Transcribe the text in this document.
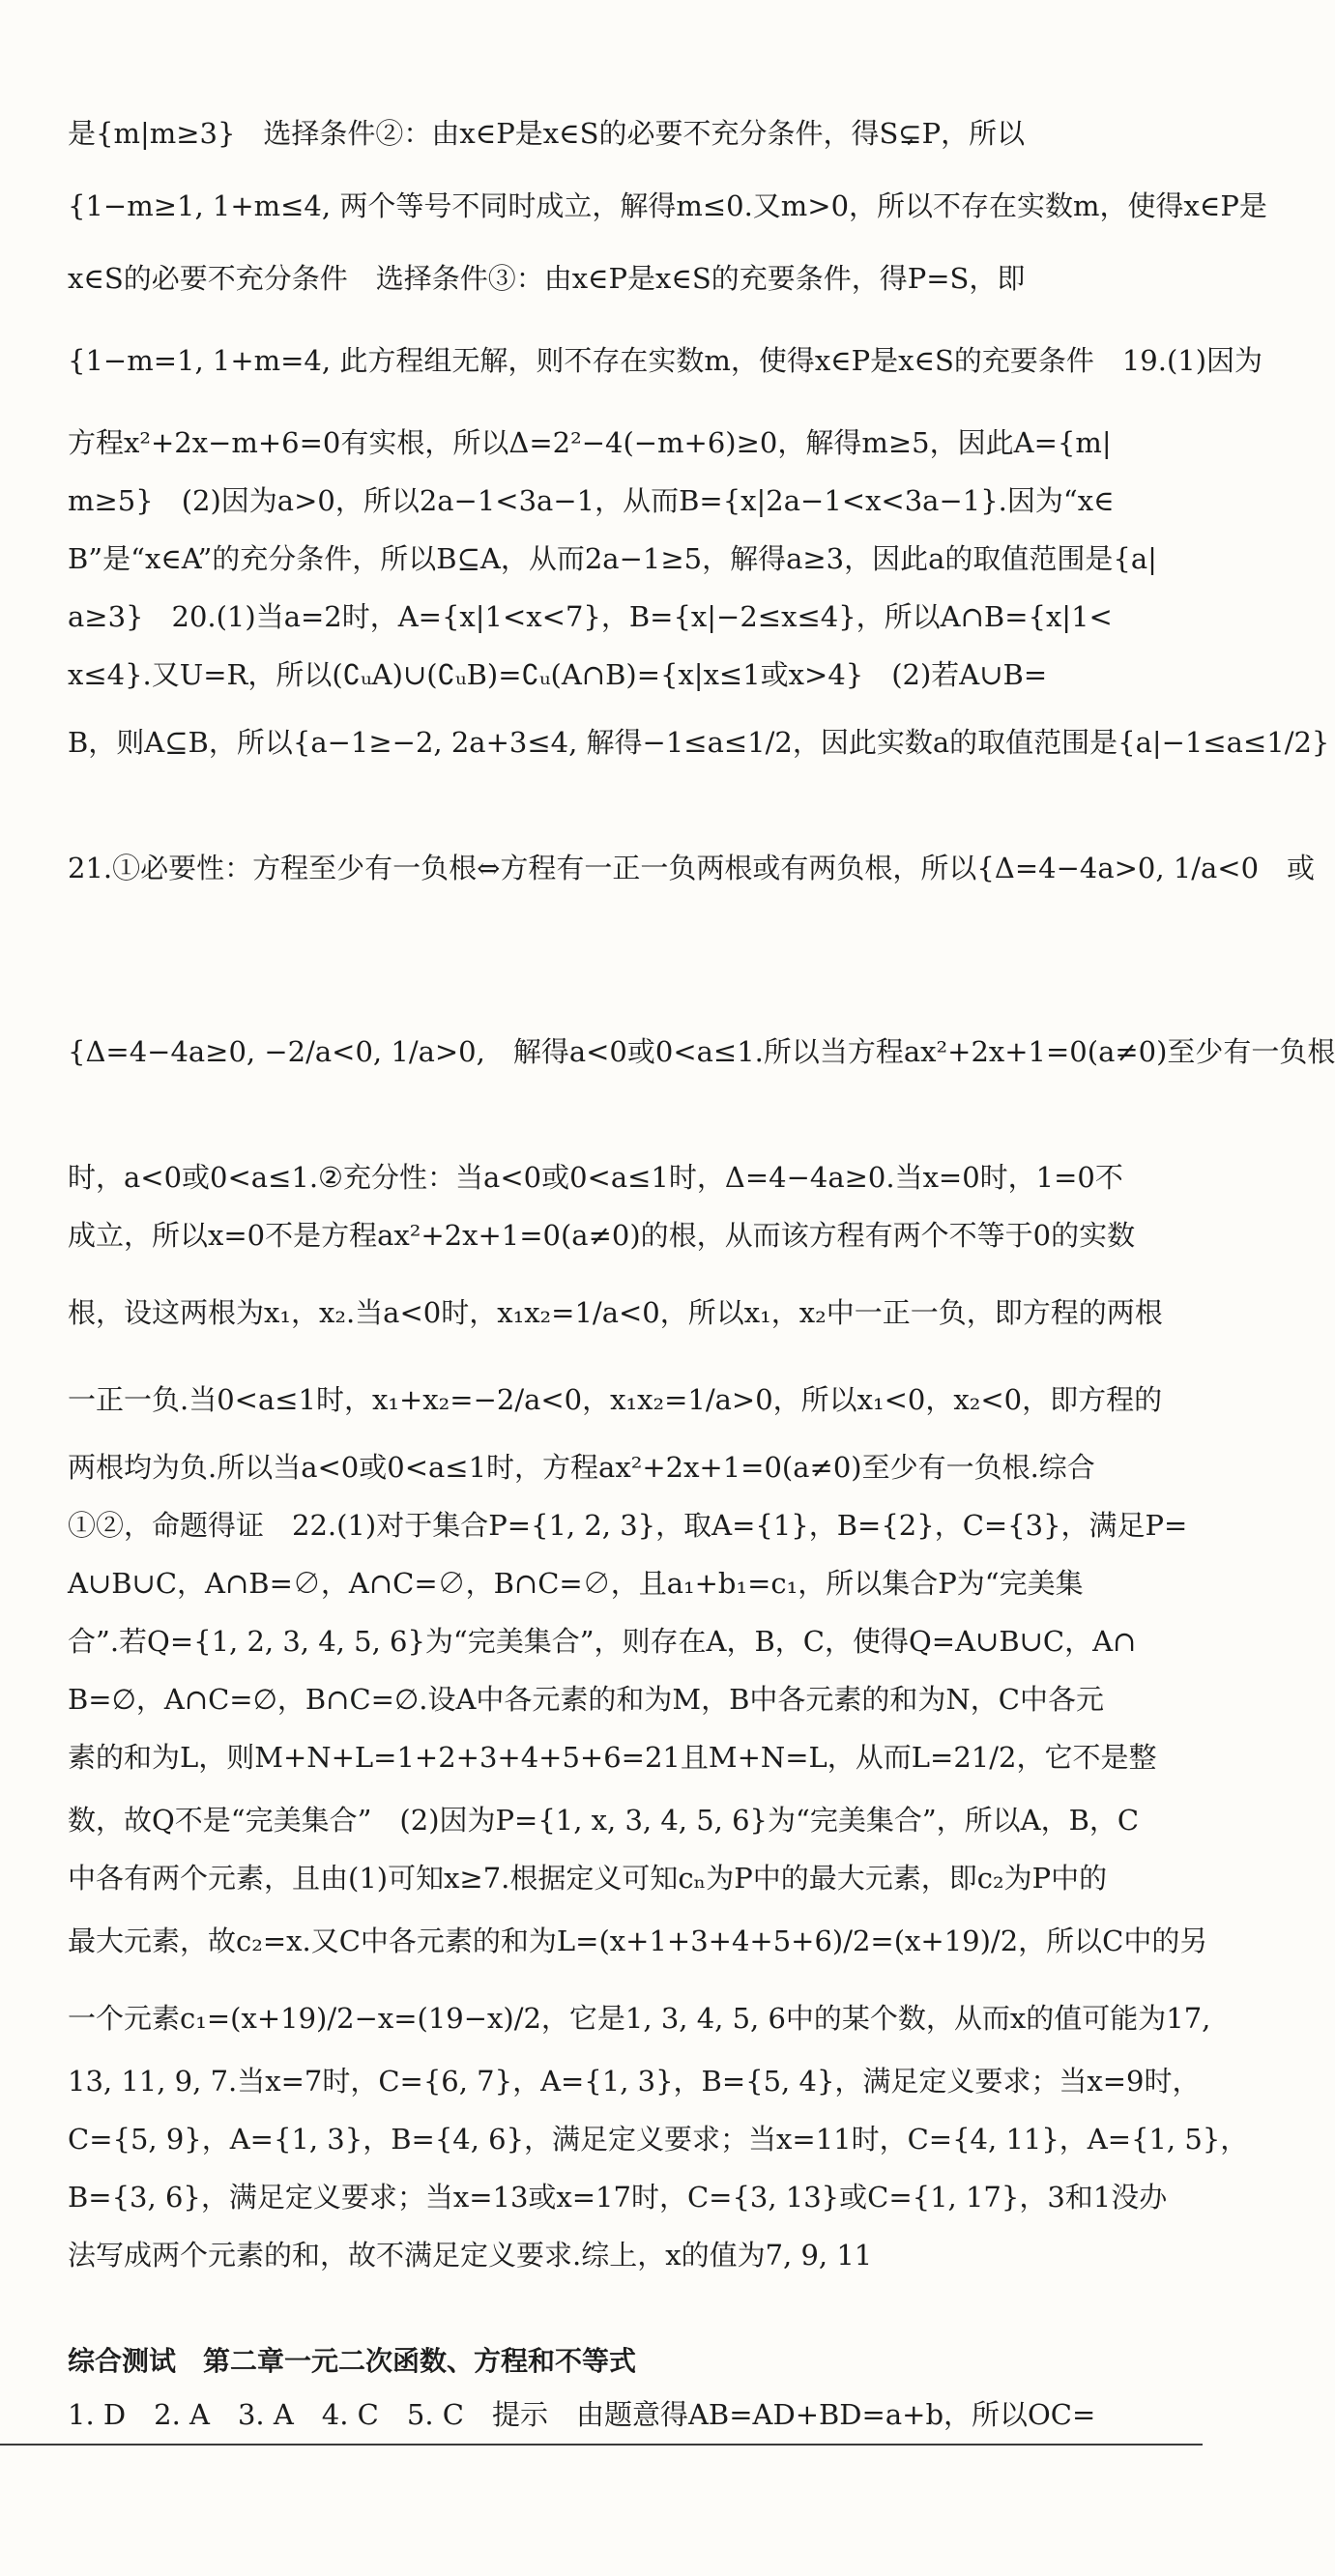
是{m|m≥3}　选择条件②：由x∈P是x∈S的必要不充分条件，得S⊊P，所以
{1−m≥1, 1+m≤4, 两个等号不同时成立，解得m≤0.又m>0，所以不存在实数m，使得x∈P是
x∈S的必要不充分条件　选择条件③：由x∈P是x∈S的充要条件，得P=S，即
{1−m=1, 1+m=4, 此方程组无解，则不存在实数m，使得x∈P是x∈S的充要条件　19.(1)因为
方程x²+2x−m+6=0有实根，所以Δ=2²−4(−m+6)≥0，解得m≥5，因此A={m|
m≥5}　(2)因为a>0，所以2a−1<3a−1，从而B={x|2a−1<x<3a−1}.因为“x∈
B”是“x∈A”的充分条件，所以B⊆A，从而2a−1≥5，解得a≥3，因此a的取值范围是{a|
a≥3}　20.(1)当a=2时，A={x|1<x<7}，B={x|−2≤x≤4}，所以A∩B={x|1<
x≤4}.又U=R，所以(∁ᵤA)∪(∁ᵤB)=∁ᵤ(A∩B)={x|x≤1或x>4}　(2)若A∪B=
B，则A⊆B，所以{a−1≥−2, 2a+3≤4, 解得−1≤a≤1/2，因此实数a的取值范围是{a|−1≤a≤1/2}
21.①必要性：方程至少有一负根⇔方程有一正一负两根或有两负根，所以{Δ=4−4a>0, 1/a<0　或
{Δ=4−4a≥0, −2/a<0, 1/a>0,　解得a<0或0<a≤1.所以当方程ax²+2x+1=0(a≠0)至少有一负根
时，a<0或0<a≤1.②充分性：当a<0或0<a≤1时，Δ=4−4a≥0.当x=0时，1=0不
成立，所以x=0不是方程ax²+2x+1=0(a≠0)的根，从而该方程有两个不等于0的实数
根，设这两根为x₁，x₂.当a<0时，x₁x₂=1/a<0，所以x₁，x₂中一正一负，即方程的两根
一正一负.当0<a≤1时，x₁+x₂=−2/a<0，x₁x₂=1/a>0，所以x₁<0，x₂<0，即方程的
两根均为负.所以当a<0或0<a≤1时，方程ax²+2x+1=0(a≠0)至少有一负根.综合
①②，命题得证　22.(1)对于集合P={1, 2, 3}，取A={1}，B={2}，C={3}，满足P=
A∪B∪C，A∩B=∅，A∩C=∅，B∩C=∅，且a₁+b₁=c₁，所以集合P为“完美集
合”.若Q={1, 2, 3, 4, 5, 6}为“完美集合”，则存在A，B，C，使得Q=A∪B∪C，A∩
B=∅，A∩C=∅，B∩C=∅.设A中各元素的和为M，B中各元素的和为N，C中各元
素的和为L，则M+N+L=1+2+3+4+5+6=21且M+N=L，从而L=21/2，它不是整
数，故Q不是“完美集合”　(2)因为P={1, x, 3, 4, 5, 6}为“完美集合”，所以A，B，C
中各有两个元素，且由(1)可知x≥7.根据定义可知cₙ为P中的最大元素，即c₂为P中的
最大元素，故c₂=x.又C中各元素的和为L=(x+1+3+4+5+6)/2=(x+19)/2，所以C中的另
一个元素c₁=(x+19)/2−x=(19−x)/2，它是1, 3, 4, 5, 6中的某个数，从而x的值可能为17,
13, 11, 9, 7.当x=7时，C={6, 7}，A={1, 3}，B={5, 4}，满足定义要求；当x=9时，
C={5, 9}，A={1, 3}，B={4, 6}，满足定义要求；当x=11时，C={4, 11}，A={1, 5}，
B={3, 6}，满足定义要求；当x=13或x=17时，C={3, 13}或C={1, 17}，3和1没办
法写成两个元素的和，故不满足定义要求.综上，x的值为7, 9, 11
综合测试　第二章一元二次函数、方程和不等式
1. D　2. A　3. A　4. C　5. C　提示　由题意得AB=AD+BD=a+b，所以OC=
